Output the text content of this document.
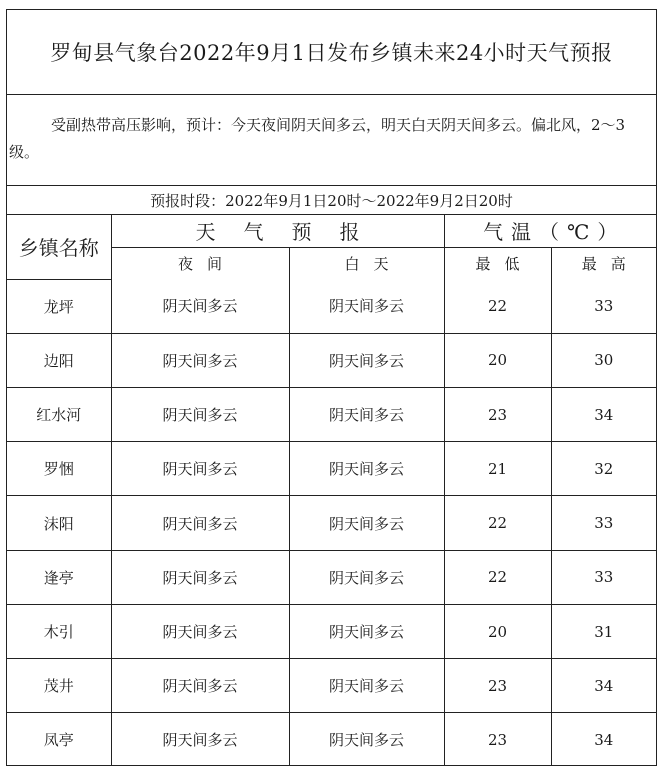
罗甸县气象台2022年9月1日发布乡镇未来24小时天气预报
受副热带高压影响，预计：今天夜间阴天间多云，明天白天阴天间多云。偏北风，2～3级。
预报时段：2022年9月1日20时～2022年9月2日20时
乡镇名称	天气预报		气温（℃）	
	夜间	白天	最低	最高
龙坪	阴天间多云	阴天间多云	22	33
边阳	阴天间多云	阴天间多云	20	30
红水河	阴天间多云	阴天间多云	23	34
罗悃	阴天间多云	阴天间多云	21	32
沫阳	阴天间多云	阴天间多云	22	33
逢亭	阴天间多云	阴天间多云	22	33
木引	阴天间多云	阴天间多云	20	31
茂井	阴天间多云	阴天间多云	23	34
凤亭	阴天间多云	阴天间多云	23	34
